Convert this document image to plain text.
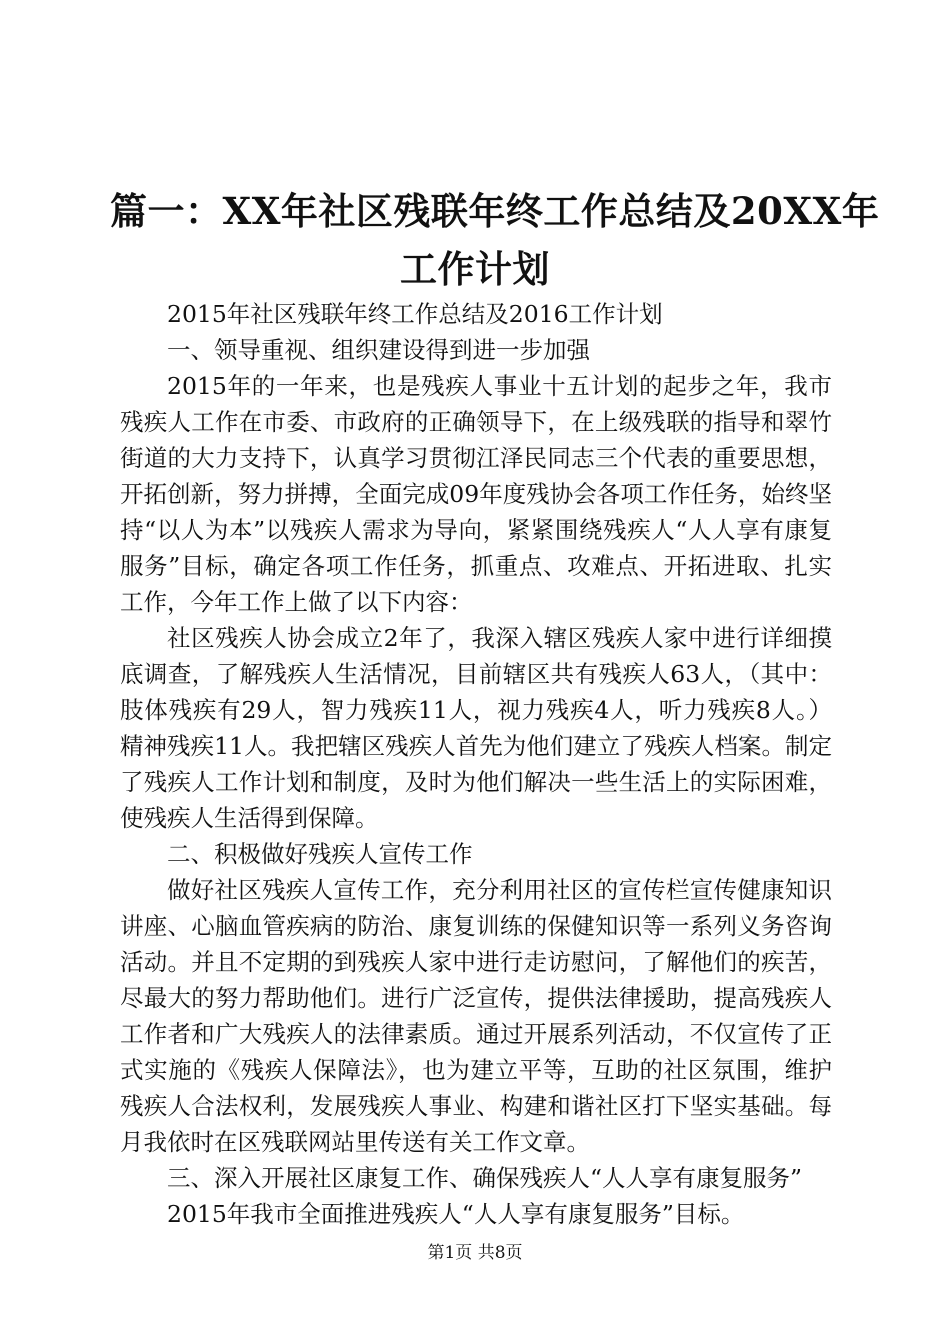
篇一：XX年社区残联年终工作总结及20XX年
工作计划

2015年社区残联年终工作总结及2016工作计划

一、领导重视、组织建设得到进一步加强

2015年的一年来，也是残疾人事业十五计划的起步之年，我市残疾人工作在市委、市政府的正确领导下，在上级残联的指导和翠竹街道的大力支持下，认真学习贯彻江泽民同志三个代表的重要思想，开拓创新，努力拼搏，全面完成09年度残协会各项工作任务，始终坚持“以人为本”以残疾人需求为导向，紧紧围绕残疾人“人人享有康复服务”目标，确定各项工作任务，抓重点、攻难点、开拓进取、扎实工作，今年工作上做了以下内容：

社区残疾人协会成立2年了，我深入辖区残疾人家中进行详细摸底调查，了解残疾人生活情况，目前辖区共有残疾人63人，（其中：肢体残疾有29人，智力残疾11人，视力残疾4人，听力残疾8人。）精神残疾11人。我把辖区残疾人首先为他们建立了残疾人档案。制定了残疾人工作计划和制度，及时为他们解决一些生活上的实际困难，使残疾人生活得到保障。

二、积极做好残疾人宣传工作

做好社区残疾人宣传工作，充分利用社区的宣传栏宣传健康知识讲座、心脑血管疾病的防治、康复训练的保健知识等一系列义务咨询活动。并且不定期的到残疾人家中进行走访慰问，了解他们的疾苦，尽最大的努力帮助他们。进行广泛宣传，提供法律援助，提高残疾人工作者和广大残疾人的法律素质。通过开展系列活动，不仅宣传了正式实施的《残疾人保障法》，也为建立平等，互助的社区氛围，维护残疾人合法权利，发展残疾人事业、构建和谐社区打下坚实基础。每月我依时在区残联网站里传送有关工作文章。

三、深入开展社区康复工作、确保残疾人“人人享有康复服务”

2015年我市全面推进残疾人“人人享有康复服务”目标。

第1页 共8页
